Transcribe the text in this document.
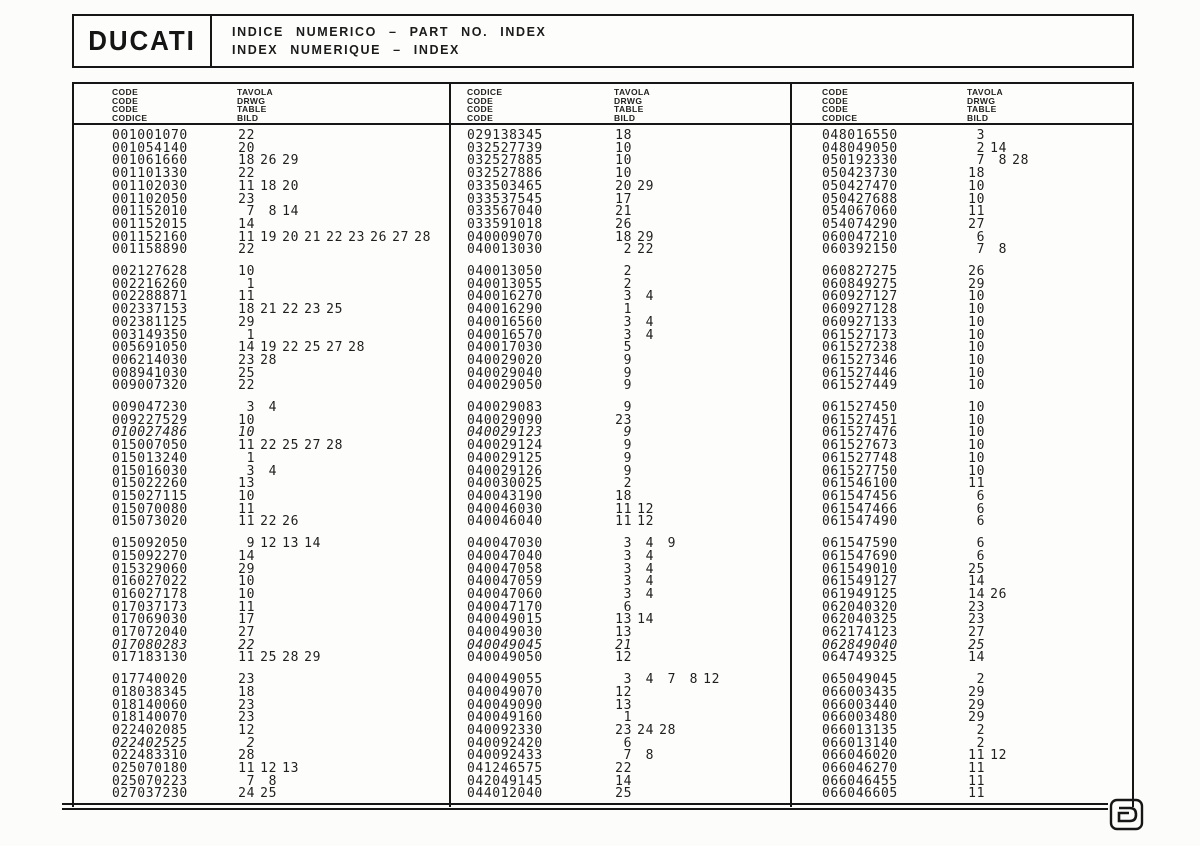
DUCATI	INDICE NUMERICO – PART NO. INDEX
INDEX NUMERIQUE – INDEX
CODE
CODE
CODE
CODICE
TAVOLA
DRWG
TABLE
BILD
001001070	22
001054140	20
001061660	18 26 29
001101330	22
001102030	11 18 20
001102050	23
001152010	7 8 14
001152015	14
001152160	11 19 20 21 22 23 26 27 28
001158890	22
002127628	10
002216260	1
002288871	11
002337153	18 21 22 23 25
002381125	29
003149350	1
005691050	14 19 22 25 27 28
006214030	23 28
008941030	25
009007320	22
009047230	3 4
009227529	10
010027486	10
015007050	11 22 25 27 28
015013240	1
015016030	3 4
015022260	13
015027115	10
015070080	11
015073020	11 22 26
015092050	9 12 13 14
015092270	14
015329060	29
016027022	10
016027178	10
017037173	11
017069030	17
017072040	27
017080283	22
017183130	11 25 28 29
017740020	23
018038345	18
018140060	23
018140070	23
022402085	12
022402525	2
022483310	28
025070180	11 12 13
025070223	7 8
027037230	24 25
CODICE
CODE
CODE
CODE
TAVOLA
DRWG
TABLE
BILD
029138345	18
032527739	10
032527885	10
032527886	10
033503465	20 29
033537545	17
033567040	21
033591018	26
040009070	18 29
040013030	2 22
040013050	2
040013055	2
040016270	3 4
040016290	1
040016560	3 4
040016570	3 4
040017030	5
040029020	9
040029040	9
040029050	9
040029083	9
040029090	23
040029123	9
040029124	9
040029125	9
040029126	9
040030025	2
040043190	18
040046030	11 12
040046040	11 12
040047030	3 4 9
040047040	3 4
040047058	3 4
040047059	3 4
040047060	3 4
040047170	6
040049015	13 14
040049030	13
040049045	21
040049050	12
040049055	3 4 7 8 12
040049070	12
040049090	13
040049160	1
040092330	23 24 28
040092420	6
040092433	7 8
041246575	22
042049145	14
044012040	25
CODE
CODE
CODE
CODICE
TAVOLA
DRWG
TABLE
BILD
048016550	3
048049050	2 14
050192330	7 8 28
050423730	18
050427470	10
050427688	10
054067060	11
054074290	27
060047210	6
060392150	7 8
060827275	26
060849275	29
060927127	10
060927128	10
060927133	10
061527173	10
061527238	10
061527346	10
061527446	10
061527449	10
061527450	10
061527451	10
061527476	10
061527673	10
061527748	10
061527750	10
061546100	11
061547456	6
061547466	6
061547490	6
061547590	6
061547690	6
061549010	25
061549127	14
061949125	14 26
062040320	23
062040325	23
062174123	27
062849040	25
064749325	14
065049045	2
066003435	29
066003440	29
066003480	29
066013135	2
066013140	2
066046020	11 12
066046270	11
066046455	11
066046605	11
